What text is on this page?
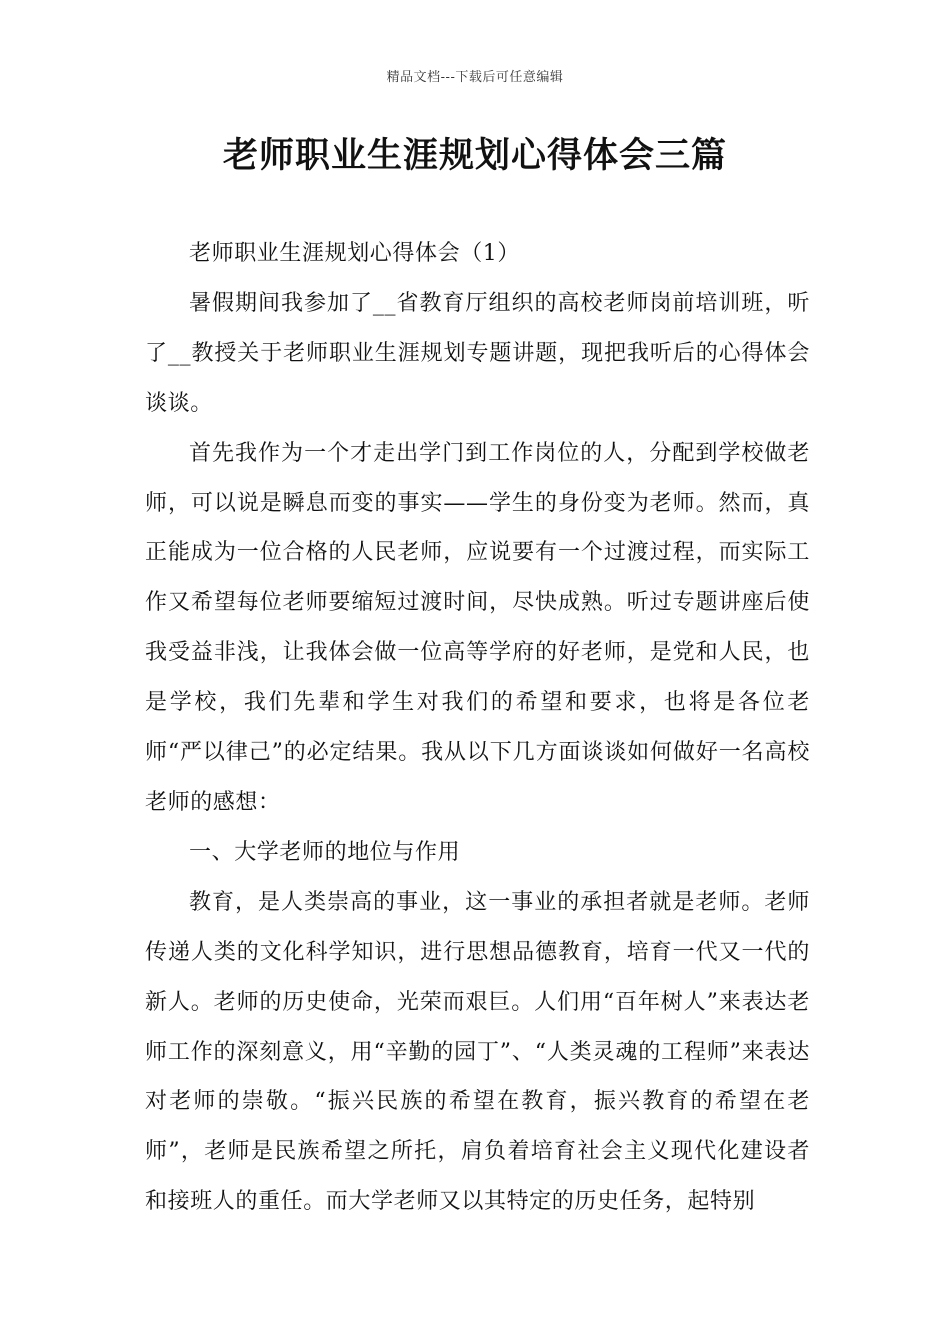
精品文档---下载后可任意编辑
老师职业生涯规划心得体会三篇

老师职业生涯规划心得体会（1）

暑假期间我参加了__省教育厅组织的高校老师岗前培训班，听了__教授关于老师职业生涯规划专题讲题，现把我听后的心得体会谈谈。

首先我作为一个才走出学门到工作岗位的人，分配到学校做老师，可以说是瞬息而变的事实——学生的身份变为老师。然而，真正能成为一位合格的人民老师，应说要有一个过渡过程，而实际工作又希望每位老师要缩短过渡时间，尽快成熟。听过专题讲座后使我受益非浅，让我体会做一位高等学府的好老师，是党和人民，也是学校，我们先辈和学生对我们的希望和要求，也将是各位老师“严以律己”的必定结果。我从以下几方面谈谈如何做好一名高校老师的感想：

一、大学老师的地位与作用

教育，是人类崇高的事业，这一事业的承担者就是老师。老师传递人类的文化科学知识，进行思想品德教育，培育一代又一代的新人。老师的历史使命，光荣而艰巨。人们用“百年树人”来表达老师工作的深刻意义，用“辛勤的园丁”、“人类灵魂的工程师”来表达对老师的崇敬。“振兴民族的希望在教育，振兴教育的希望在老师”，老师是民族希望之所托，肩负着培育社会主义现代化建设者和接班人的重任。而大学老师又以其特定的历史任务，起特别
